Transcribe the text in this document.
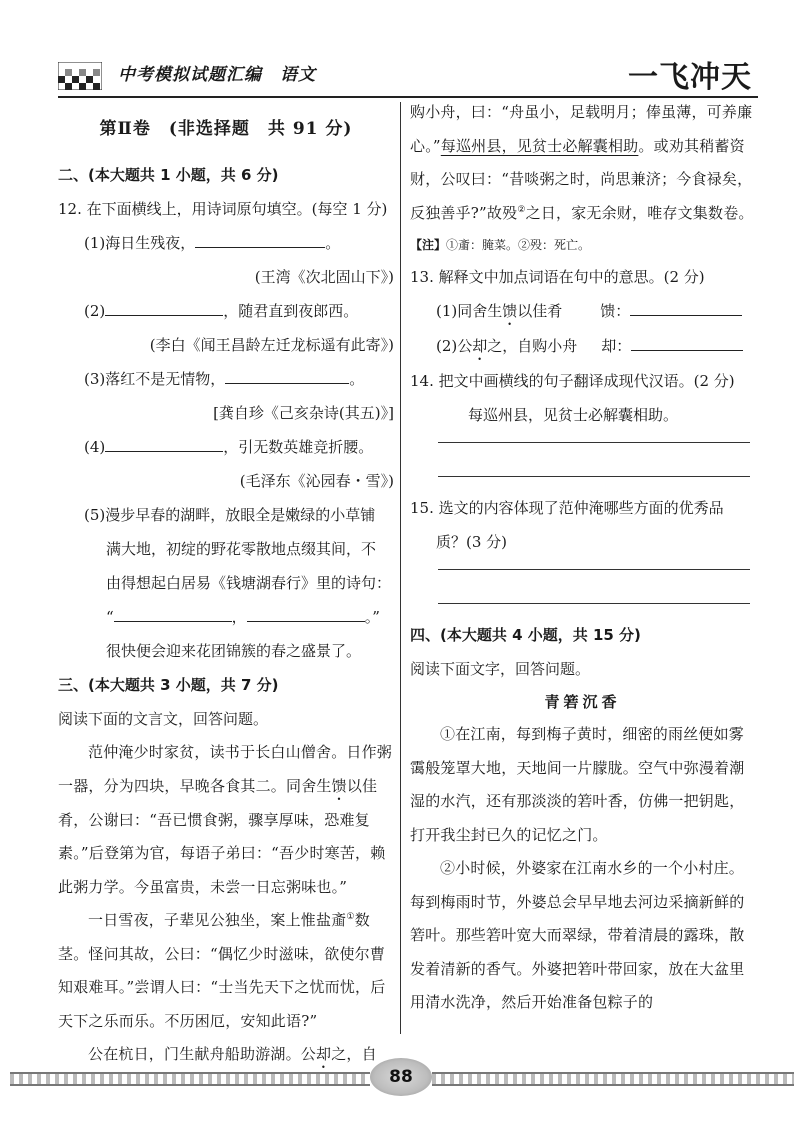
中考模拟试题汇编　语文	一飞冲天
第Ⅱ卷　(非选择题　共 91 分)
二、(本大题共 1 小题，共 6 分)
12. 在下面横线上，用诗词原句填空。(每空 1 分)
(1)海日生残夜，	。
(王湾《次北固山下》)
(2)	，随君直到夜郎西。
(李白《闻王昌龄左迁龙标遥有此寄》)
(3)落红不是无情物，	。
[龚自珍《己亥杂诗(其五)》]
(4)	，引无数英雄竞折腰。
(毛泽东《沁园春・雪》)
(5)漫步早春的湖畔，放眼全是嫩绿的小草铺
满大地，初绽的野花零散地点缀其间，不
由得想起白居易《钱塘湖春行》里的诗句：
“	，	。”
很快便会迎来花团锦簇的春之盛景了。
三、(本大题共 3 小题，共 7 分)
阅读下面的文言文，回答问题。
范仲淹少时家贫，读书于长白山僧舍。日作粥一器，分为四块，早晚各食其二。同舍生馈以佳肴，公谢曰：“吾已惯食粥，骤享厚味，恐难复素。”后登第为官，每语子弟曰：“吾少时寒苦，赖此粥力学。今虽富贵，未尝一日忘粥味也。”
一日雪夜，子辈见公独坐，案上惟盐齑①数茎。怪问其故，公曰：“偶忆少时滋味，欲使尔曹知艰难耳。”尝谓人曰：“士当先天下之忧而忧，后天下之乐而乐。不历困厄，安知此语?”
公在杭日，门生献舟船助游湖。公却之，自
购小舟，曰：“舟虽小，足载明月；俸虽薄，可养廉心。”每巡州县，见贫士必解囊相助。或劝其稍蓄资财，公叹曰：“昔啖粥之时，尚思兼济；今食禄矣，反独善乎?”故殁②之日，家无余财，唯存文集数卷。
【注】①齑：腌菜。②殁：死亡。
13. 解释文中加点词语在句中的意思。(2 分)
(1)同舍生馈以佳肴	馈：
(2)公却之，自购小舟 却：
14. 把文中画横线的句子翻译成现代汉语。(2 分)
每巡州县，见贫士必解囊相助。
15. 选文的内容体现了范仲淹哪些方面的优秀品
质？(3 分)
四、(本大题共 4 小题，共 15 分)
阅读下面文字，回答问题。
青箬沉香
①在江南，每到梅子黄时，细密的雨丝便如雾霭般笼罩大地，天地间一片朦胧。空气中弥漫着潮湿的水汽，还有那淡淡的箬叶香，仿佛一把钥匙，打开我尘封已久的记忆之门。
②小时候，外婆家在江南水乡的一个小村庄。每到梅雨时节，外婆总会早早地去河边采摘新鲜的箬叶。那些箬叶宽大而翠绿，带着清晨的露珠，散发着清新的香气。外婆把箬叶带回家，放在大盆里用清水洗净，然后开始准备包粽子的
88
